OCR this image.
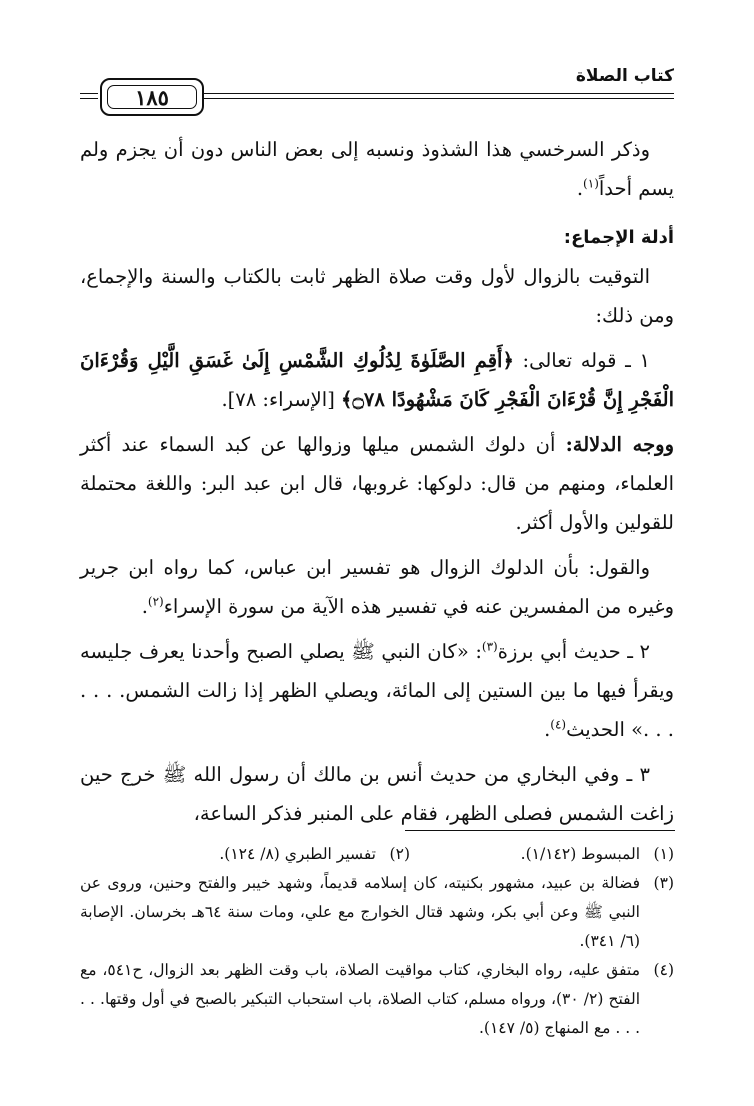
كتاب الصلاة
١٨٥

وذكر السرخسي هذا الشذوذ ونسبه إلى بعض الناس دون أن يجزم ولم يسم أحداً$^{(١)}$.

أدلة الإجماع:

التوقيت بالزوال لأول وقت صلاة الظهر ثابت بالكتاب والسنة والإجماع، ومن ذلك:

١ ـ قوله تعالى: ﴿أَقِمِ الصَّلَوٰةَ لِدُلُوكِ الشَّمْسِ إِلَىٰ غَسَقِ الَّيْلِ وَقُرْءَانَ الْفَجْرِ إِنَّ قُرْءَانَ الْفَجْرِ كَانَ مَشْهُودًا ۝٧٨﴾ [الإسراء: ٧٨].

ووجه الدلالة: أن دلوك الشمس ميلها وزوالها عن كبد السماء عند أكثر العلماء، ومنهم من قال: دلوكها: غروبها، قال ابن عبد البر: واللغة محتملة للقولين والأول أكثر.

والقول: بأن الدلوك الزوال هو تفسير ابن عباس، كما رواه ابن جرير وغيره من المفسرين عنه في تفسير هذه الآية من سورة الإسراء$^{(٢)}$.

٢ ـ حديث أبي برزة$^{(٣)}$: «كان النبي ﷺ يصلي الصبح وأحدنا يعرف جليسه ويقرأ فيها ما بين الستين إلى المائة، ويصلي الظهر إذا زالت الشمس. . . . . . .» الحديث$^{(٤)}$.

٣ ـ وفي البخاري من حديث أنس بن مالك أن رسول الله ﷺ خرج حين زاغت الشمس فصلى الظهر، فقام على المنبر فذكر الساعة،

(١)
المبسوط (١/١٤٢).
(٢)
تفسير الطبري (٨/ ١٢٤).
(٣)
فضالة بن عبيد، مشهور بكنيته، كان إسلامه قديماً، وشهد خيبر والفتح وحنين، وروى عن النبي ﷺ وعن أبي بكر، وشهد قتال الخوارج مع علي، ومات سنة ٦٤هـ بخرسان. الإصابة (٦/ ٣٤١).
(٤)
متفق عليه، رواه البخاري، كتاب مواقيت الصلاة، باب وقت الظهر بعد الزوال، ح٥٤١، مع الفتح (٢/ ٣٠)، ورواه مسلم، كتاب الصلاة، باب استحباب التبكير بالصبح في أول وقتها. . . . . . مع المنهاج (٥/ ١٤٧).
